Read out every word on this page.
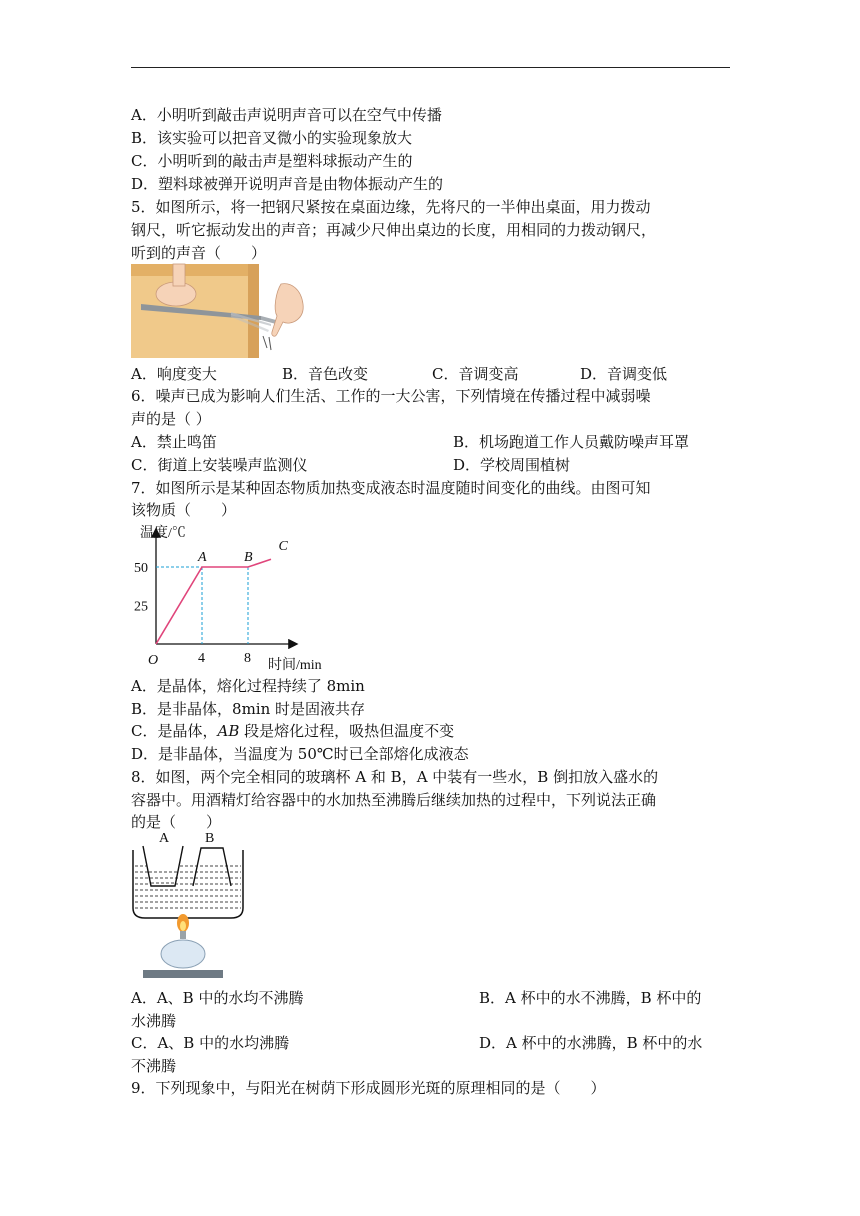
A．小明听到敲击声说明声音可以在空气中传播
B．该实验可以把音叉微小的实验现象放大
C．小明听到的敲击声是塑料球振动产生的
D．塑料球被弹开说明声音是由物体振动产生的
5．如图所示，将一把钢尺紧按在桌面边缘，先将尺的一半伸出桌面，用力拨动
钢尺，听它振动发出的声音；再减少尺伸出桌边的长度，用相同的力拨动钢尺，
听到的声音（　　）
A．响度变大	B．音色改变	C．音调变高	D．音调变低
6．噪声已成为影响人们生活、工作的一大公害，下列情境在传播过程中减弱噪
声的是（ ）
A．禁止鸣笛	B．机场跑道工作人员戴防噪声耳罩
C．街道上安装噪声监测仪	D．学校周围植树
7．如图所示是某种固态物质加热变成液态时温度随时间变化的曲线。由图可知
该物质（　　）
温度/℃
时间/min
O	4	8
25
50
A	B
C
A．是晶体，熔化过程持续了 8min
B．是非晶体，8min 时是固液共存
C．是晶体，AB 段是熔化过程，吸热但温度不变
D．是非晶体，当温度为 50℃时已全部熔化成液态
8．如图，两个完全相同的玻璃杯 A 和 B，A 中装有一些水，B 倒扣放入盛水的
容器中。用酒精灯给容器中的水加热至沸腾后继续加热的过程中，下列说法正确
的是（　　）
A	B
A．A、B 中的水均不沸腾	B．A 杯中的水不沸腾，B 杯中的
水沸腾
C．A、B 中的水均沸腾	D．A 杯中的水沸腾，B 杯中的水
不沸腾
9．下列现象中，与阳光在树荫下形成圆形光斑的原理相同的是（　　）
